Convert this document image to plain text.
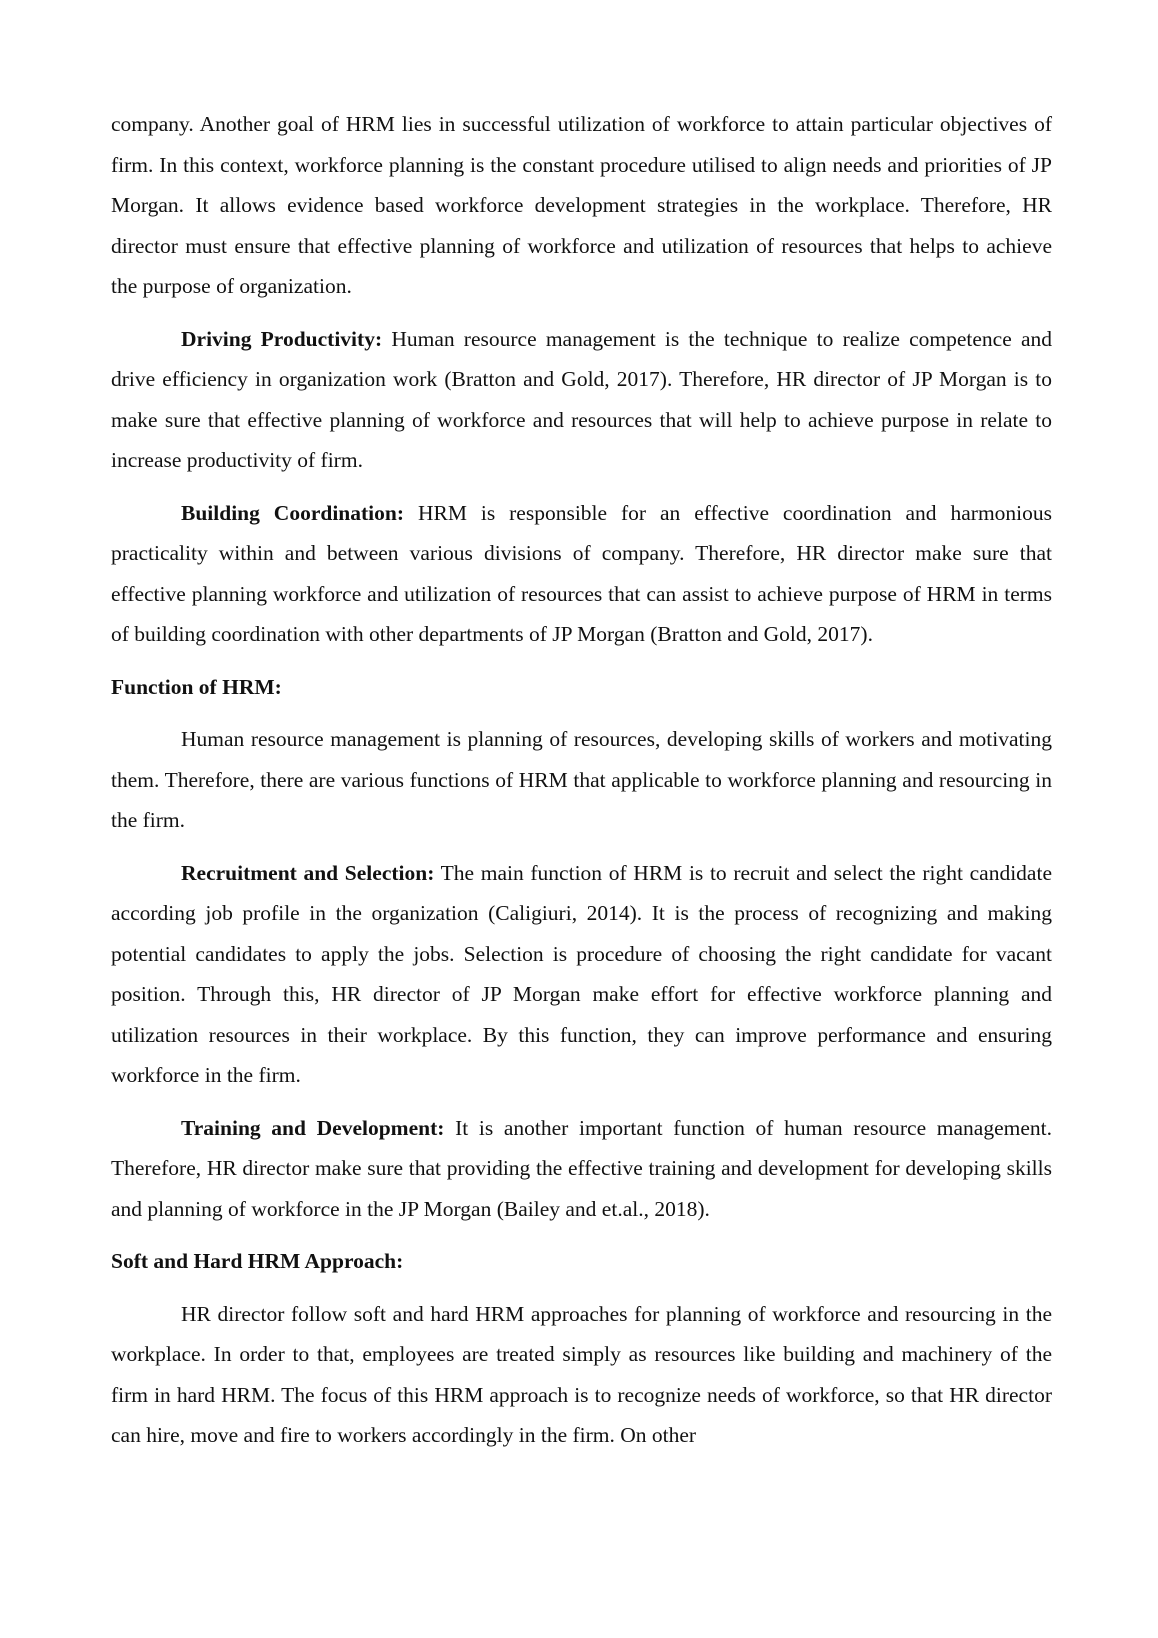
company. Another goal of HRM lies in successful utilization of workforce to attain particular objectives of firm. In this context, workforce planning is the constant procedure utilised to align needs and priorities of JP Morgan. It allows evidence based workforce development strategies in the workplace. Therefore, HR director must ensure that effective planning of workforce and utilization of resources that helps to achieve the purpose of organization.

Driving Productivity: Human resource management is the technique to realize competence and drive efficiency in organization work (Bratton and Gold, 2017). Therefore, HR director of JP Morgan is to make sure that effective planning of workforce and resources that will help to achieve purpose in relate to increase productivity of firm.

Building Coordination: HRM is responsible for an effective coordination and harmonious practicality within and between various divisions of company. Therefore, HR director make sure that effective planning workforce and utilization of resources that can assist to achieve purpose of HRM in terms of building coordination with other departments of JP Morgan (Bratton and Gold, 2017).

Function of HRM:

Human resource management is planning of resources, developing skills of workers and motivating them. Therefore, there are various functions of HRM that applicable to workforce planning and resourcing in the firm.

Recruitment and Selection: The main function of HRM is to recruit and select the right candidate according job profile in the organization (Caligiuri, 2014). It is the process of recognizing and making potential candidates to apply the jobs. Selection is procedure of choosing the right candidate for vacant position. Through this, HR director of JP Morgan make effort for effective workforce planning and utilization resources in their workplace. By this function, they can improve performance and ensuring workforce in the firm.

Training and Development: It is another important function of human resource management. Therefore, HR director make sure that providing the effective training and development for developing skills and planning of workforce in the JP Morgan (Bailey and et.al., 2018).

Soft and Hard HRM Approach:

HR director follow soft and hard HRM approaches for planning of workforce and resourcing in the workplace. In order to that, employees are treated simply as resources like building and machinery of the firm in hard HRM. The focus of this HRM approach is to recognize needs of workforce, so that HR director can hire, move and fire to workers accordingly in the firm. On other
